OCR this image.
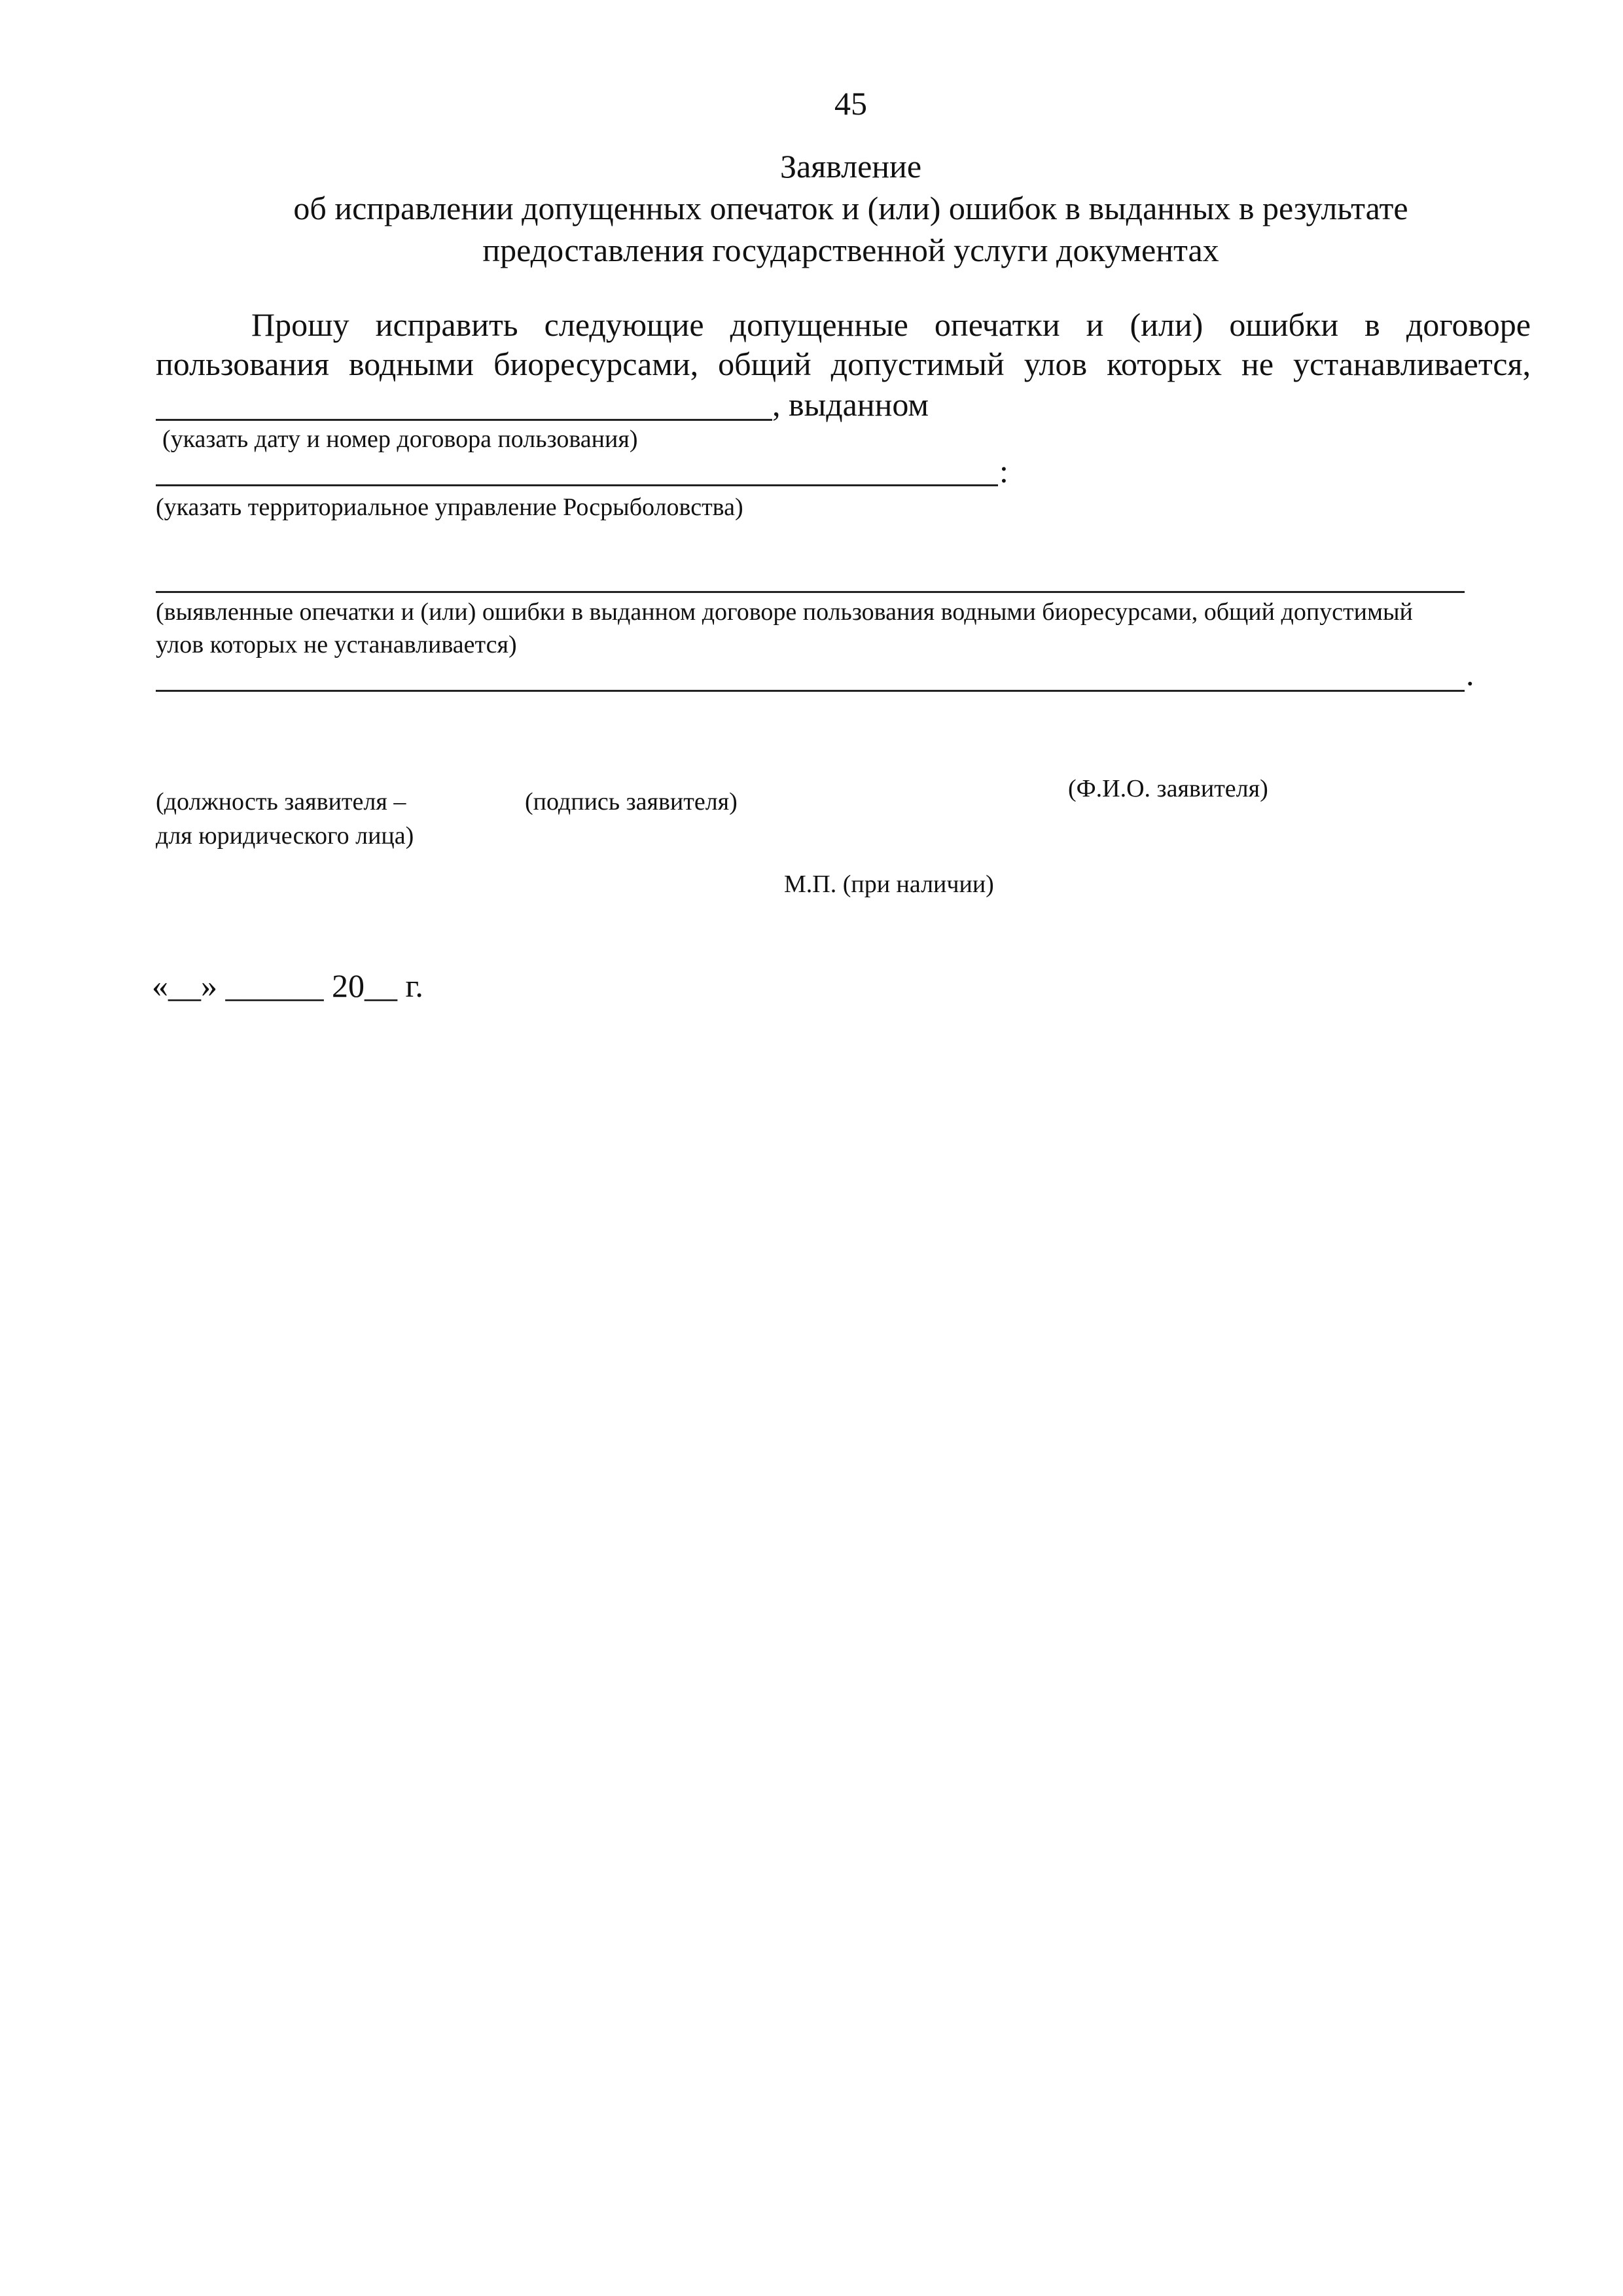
45
Заявление
об исправлении допущенных опечаток и (или) ошибок в выданных в результате
предоставления государственной услуги документах
Прошу исправить следующие допущенные опечатки и (или) ошибки в договоре
пользования водными биоресурсами, общий допустимый улов которых не устанавливается,
, выданном
(указать дату и номер договора пользования)
:
(указать территориальное управление Росрыболовства)
(выявленные опечатки и (или) ошибки в выданном договоре пользования водными биоресурсами, общий допустимый
улов которых не устанавливается)
.
(должность заявителя –
для юридического лица)
(подпись заявителя)	(Ф.И.О. заявителя)
М.П. (при наличии)
«__» ______ 20__ г.
